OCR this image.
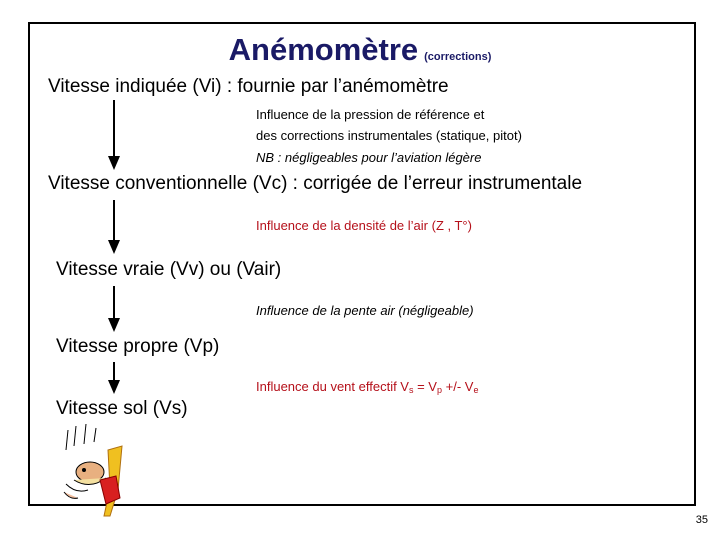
Anémomètre (corrections)
Vitesse indiquée (Vi) : fournie par l’anémomètre
Influence de la pression de référence et
des corrections instrumentales (statique, pitot)
NB : négligeables pour l’aviation légère
Vitesse conventionnelle (Vc) : corrigée de l’erreur instrumentale
Influence de la densité de l’air (Z , T°)
Vitesse vraie (Vv) ou (Vair)
Influence de la pente air (négligeable)
Vitesse propre (Vp)
Influence du vent effectif $V_s = V_p$ +/- $V_e$
Vitesse sol (Vs)
35
